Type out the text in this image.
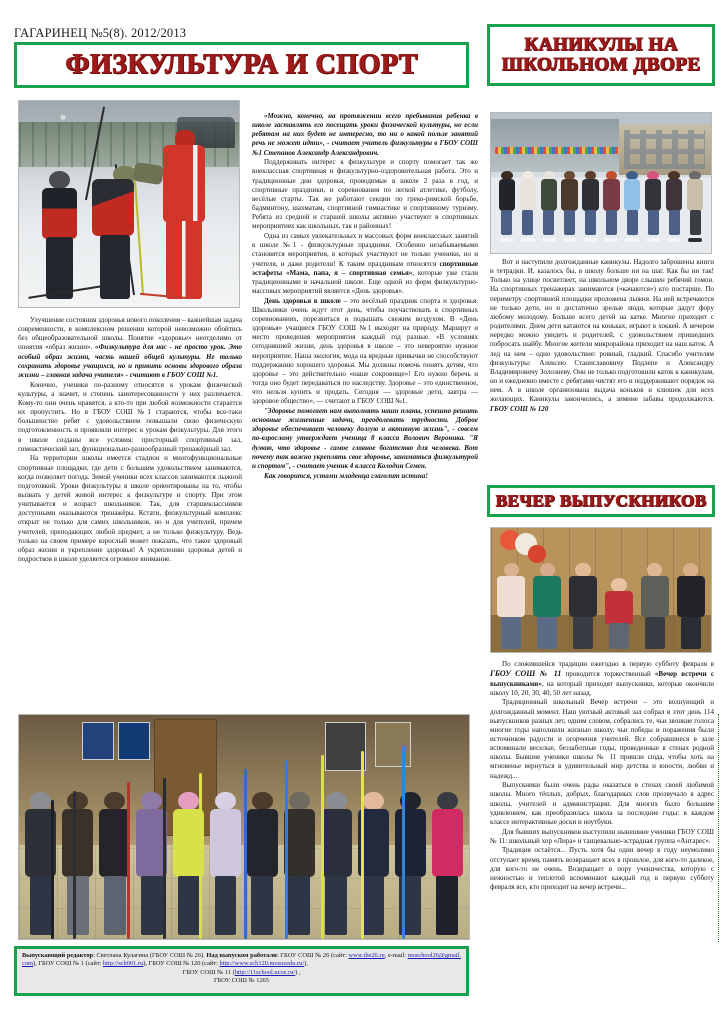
ГАГАРИНЕЦ №5(8). 2012/2013
ФИЗКУЛЬТУРА И СПОРТ
КАНИКУЛЫ НА
ШКОЛЬНОМ ДВОРЕ
ВЕЧЕР ВЫПУСКНИКОВ

Улучшение состояния здоровья нового поколения – важнейшая задача современности, в комплексном решении которой невозможно обойтись без общеобразовательной школы. Понятие «здоровье» неотделимо от понятия «образ жизни». «Физкультура для нас - не просто урок. Это особый образ жизни, часть нашей общей культуры. Не только сохранить здоровье учащихся, но и привить основы здорового образа жизни – главная задача учителя» - считают в ГБОУ СОШ №1.

Конечно, ученики по-разному относятся к урокам физической культуры, а значит, и степень заинтересованности у них различается. Кому-то они очень нравятся, а кто-то при любой возможности старается их пропустить. Но в ГБОУ СОШ №1 стараются, чтобы все-таки большинство ребят с удовольствием повышали свою физическую подготовленность и проявляли интерес к урокам физкультуры. Для этого в школе созданы все условия: просторный спортивный зал, гимнастический зал, функционально-разнообразный тренажёрный зал.

На территории школы имеется стадион и многофункциональные спортивные площадки, где дети с большим удовольствием занимаются, когда позволяет погода. Зимой ученики всех классов занимаются лыжной подготовкой. Уроки физкультуры в школе ориентированы на то, чтобы вызвать у детей живой интерес к физкультуре и спорту. При этом учитывается и возраст школьников. Так, для старшеклассников доступными оказываются тренажёры. Кстати, физкультурный комплекс открыт не только для самих школьников, но и для учителей, причем учителей, преподающих любой предмет, а не только физкультуру. Ведь только на своем примере взрослый может показать, что такое здоровый образ жизни и укрепление здоровья! А укреплению здоровья детей и подростков в школе уделяется огромное внимание.

«Можно, конечно, на протяжении всего пребывания ребенка в школе заставлять его посещать уроки физической культуры, но если ребятам на них будет не интересно, то ни о какой пользе занятий речь не может идти», - считает учитель физкультуры в ГБОУ СОШ №1 Степанов Александр Александрович.

Поддерживать интерес к физкультуре и спорту помогает так же внеклассная спортивная и физкультурно-оздоровительная работа. Это и традиционные дни здоровья, проводимые в школе 2 раза в год, и спортивные праздники, и соревнования по легкой атлетике, футболу, весёлые старты. Так же работают секции по греко-римской борьбе, бадминтону, шахматам, спортивной гимнастике и спортивному туризму. Ребята из средней и старшей школы активно участвуют в спортивных мероприятиях как школьных, так и районных!

Одна из самых увлекательных и массовых форм внеклассных занятий в школе №1 - физкультурные праздники. Особенно незабываемыми становятся мероприятия, в которых участвуют не только ученики, но и учителя, и даже родители! К таким праздникам относятся спортивные эстафеты «Мама, папа, я – спортивная семья», которые уже стали традиционными в начальной школе. Еще одной из форм физкультурно-массовых мероприятий является «День здоровья».

День здоровья в школе – это весёлый праздник спорта и здоровья. Школьники очень ждут этот день, чтобы поучаствовать в спортивных соревнованиях, порезвиться и подышать свежим воздухом. В «День здоровья» учащиеся ГБОУ СОШ №1 выходят на природу. Маршрут и место проведения мероприятия каждый год разные. «В условиях сегодняшней жизни, день здоровья в школе – это невероятно нужное мероприятие. Наша экология, мода на вредные привычки не способствуют поддержанию хорошего здоровья. Мы должны помочь понять детям, что здоровье – это действительно «наше сокровище»! Его нужно беречь и тогда оно будет передаваться по наследству. Здоровье – это единственное, что нельзя купить и продать. Сегодня — здоровые дети, завтра — здоровое общество», — считают в ГБОУ СОШ №1.

"Здоровье помогает нам выполнять наши планы, успешно решать основные жизненные задачи, преодолевать трудности. Доброе здоровье обеспечивает человеку долгую и активную жизнь", - совсем по-взрослому утверждает ученица 8 класса Волович Вероника. "Я думаю, что здоровье - самое главное богатство для человека. Вот почему так важно укреплять свое здоровье, заниматься физкультурой и спортом", - считает ученик 4 класса Колодин Семен.

Как говорится, устами младенца глаголит истина!

Вот и наступили долгожданные каникулы. Надолго заброшены книги и тетрадки. И, казалось бы, в школу больше ни на шаг. Как бы ни так! Только на улице посветлеет, на школьном дворе слышен ребячий гомон. На спортивных тренажерах занимаются («качаются») кто постарше. По периметру спортивной площадки проложена лыжня. На ней встречаются не только дети, но и достаточно зрелые люди, которые дадут фору любому молодому. Больше всего детей на катке. Многие приходит с родителями. Днем дети катаются на коньках, играют в хоккей. А вечером нередко можно увидеть и родителей, с удовольствием пришедших побросать шайбу. Многие жители микрорайона приходит на наш каток. А лед на нем – одно удовольствие: ровный, гладкий. Спасибо учителям физкультуры: Алексею Станиславовичу Подлепе и Александру Владимировичу Золозневу. Они не только подготовили каток к каникулам, но и ежедневно вместе с ребятами чистят его и поддерживают порядок на нем. А в школе организована выдача коньков и клюшек для всех желающих. Каникулы закончились, а зимние забавы продолжаются. ГБОУ СОШ № 120

По сложившейся традиции ежегодно в первую субботу февраля в ГБОУ СОШ № 11 проводится торжественный «Вечер встречи с выпускниками», на который приходят выпускники, которые окончили школу 10, 20, 30, 40, 50 лет назад.

Традиционный школьный Вечер встречи – это волнующий и долгожданный момент. Наш уютный актовый зал собрал в этот день 114 выпускников разных лет, одним словом, собрались те, чьи звонкие голоса многие годы наполнили жизнью школу, чьи победы и поражения были источником радости и огорчения учителей. Все собравшиеся в зале вспоминали веселые, беззаботные годы, проведенные в стенах родной школы. Бывшие ученики школы № 11 пришли сюда, чтобы хоть на мгновенье вернуться в удивительный мир детства и юности, любви и надежд...

Выпускники были очень рады оказаться в стенах своей любимой школы. Много тёплых, добрых, благодарных слов прозвучало в адрес школы, учителей и администрации. Для многих было большим удивлением, как преобразилась школа за последние годы: в каждом классе интерактивные доски и ноутбуки.

Для бывших выпускников выступили нынешние ученики ГБОУ СОШ № 11: школьный хор «Лира» и танцевально-эстрадная группа «Антарес».

Традиция остаётся... Пусть хотя бы один вечер в году неумолимо отступает время, память возвращает всех в прошлое, для кого-то далекое, для кого-то не очень. Возвращает в пору ученичества, которую с нежностью и теплотой вспоминают каждый год в первую субботу февраля все, кто приходит на вечер встречи...

Выпускающий редактор: Светлана Кулагина (ГБОУ СОШ № 26). Над выпуском работали: ГБОУ СОШ № 26 (сайт: www.the26.ru, e-mail: moschool26@gmail.com), ГБОУ СОШ № 1 (сайт: http://sch001.ru), ГБОУ СОШ № 120 (сайт: http://www.sch120.mosuzedu.ru/),
ГБОУ СОШ № 11 (http://11school.ucoz.ru/) ,
ГБОУ СОШ № 1265
